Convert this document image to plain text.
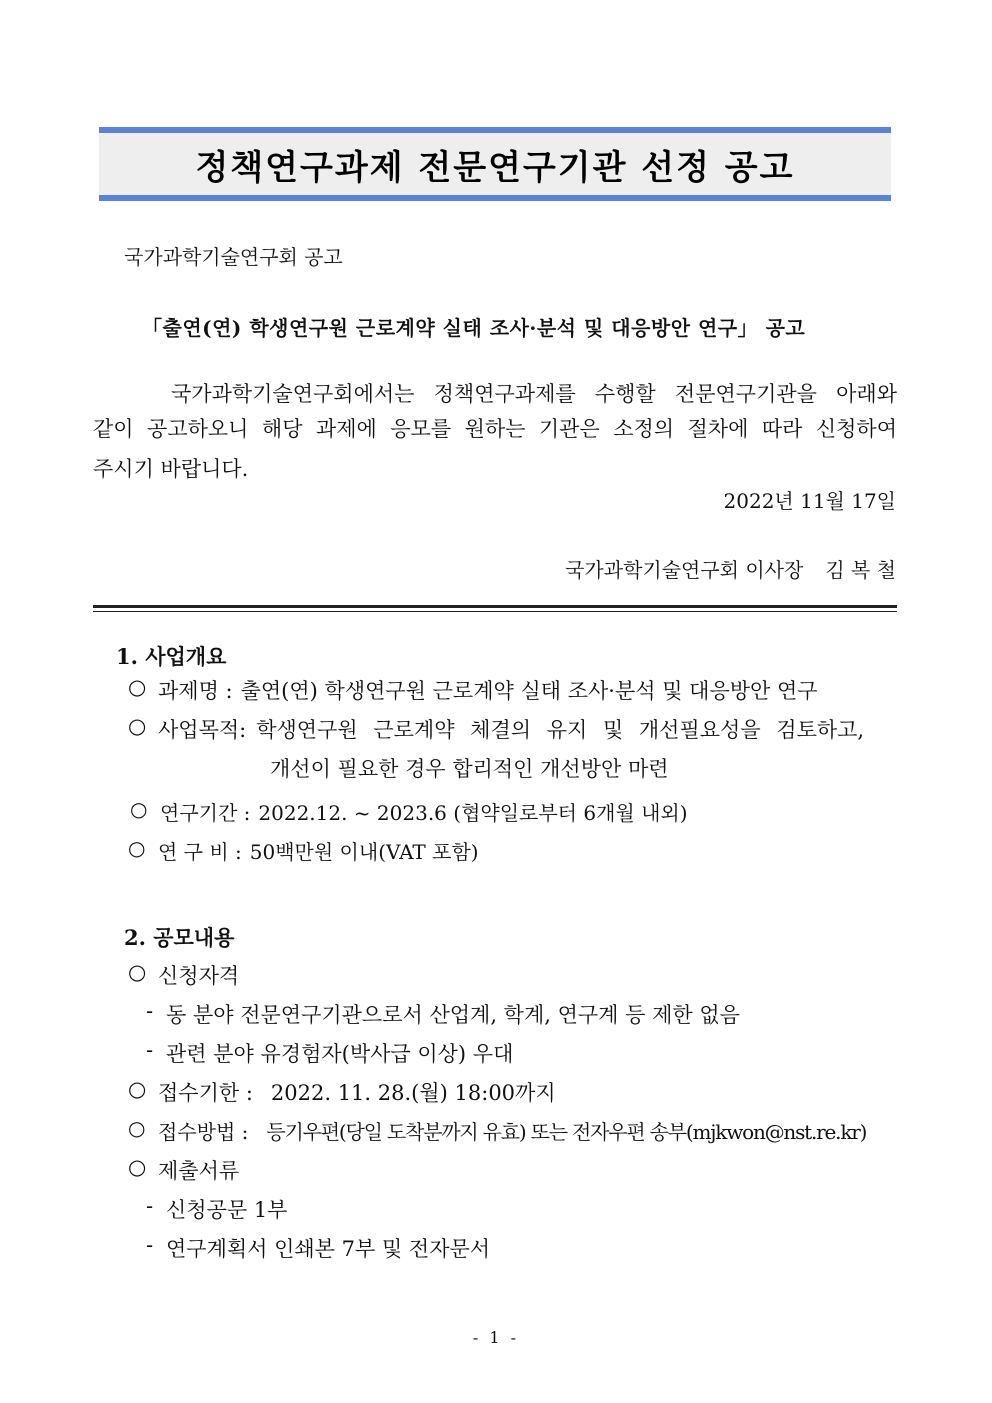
정책연구과제 전문연구기관 선정 공고
국가과학기술연구회 공고
「출연(연) 학생연구원 근로계약 실태 조사·분석 및 대응방안 연구」 공고
국가과학기술연구회에서는 정책연구과제를 수행할 전문연구기관을 아래와
같이 공고하오니 해당 과제에 응모를 원하는 기관은 소정의 절차에 따라 신청하여
주시기 바랍니다.
2022년 11월 17일
국가과학기술연구회 이사장 김 복 철
1. 사업개요
○ 과제명 : 출연(연) 학생연구원 근로계약 실태 조사·분석 및 대응방안 연구
○ 사업목적: 학생연구원 근로계약 체결의 유지 및 개선필요성을 검토하고,
개선이 필요한 경우 합리적인 개선방안 마련
○ 연구기간 : 2022.12. ~ 2023.6 (협약일로부터 6개월 내외)
○ 연 구 비 : 50백만원 이내(VAT 포함)
2. 공모내용
○ 신청자격
- 동 분야 전문연구기관으로서 산업계, 학계, 연구계 등 제한 없음
- 관련 분야 유경험자(박사급 이상) 우대
○ 접수기한 : 2022. 11. 28.(월) 18:00까지
○ 접수방법 : 등기우편(당일 도착분까지 유효) 또는 전자우편 송부(mjkwon@nst.re.kr)
○ 제출서류
- 신청공문 1부
- 연구계획서 인쇄본 7부 및 전자문서
- 1 -
